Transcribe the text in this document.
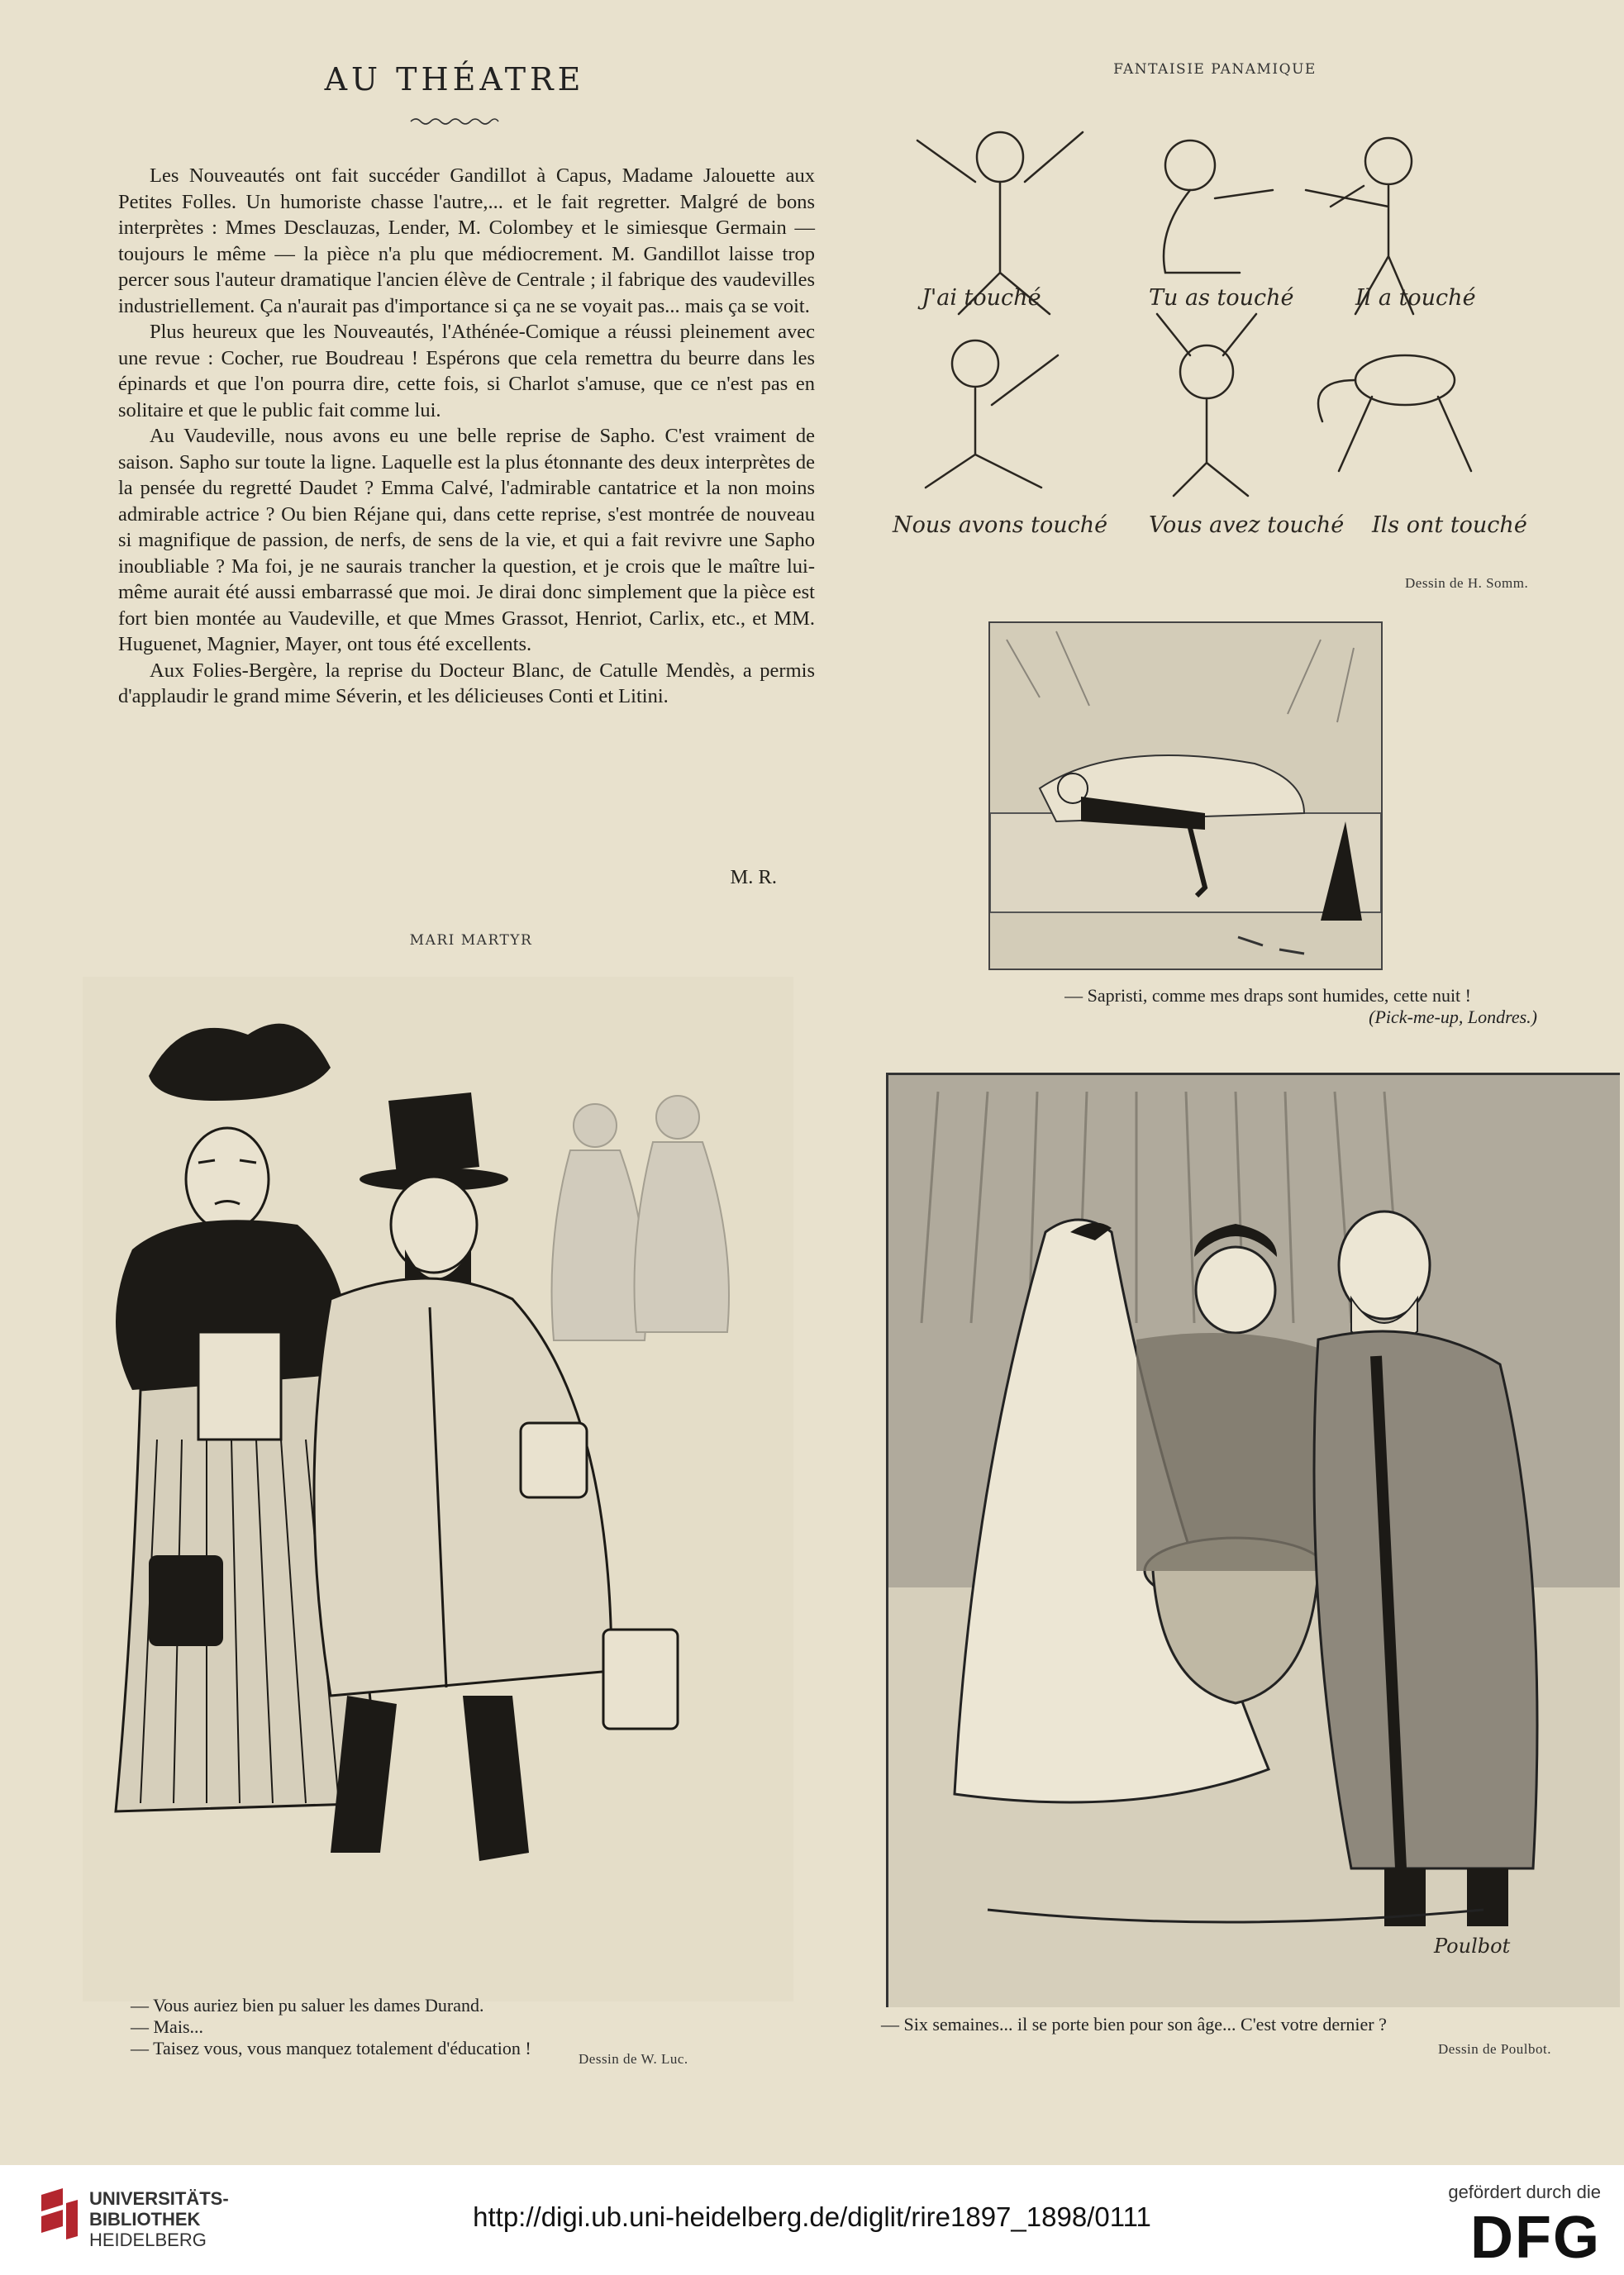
AU THÉATRE

Les Nouveautés ont fait succéder Gandillot à Capus, Madame Jalouette aux Petites Folles. Un humoriste chasse l'autre,... et le fait regretter. Malgré de bons interprètes : Mmes Desclauzas, Lender, M. Colombey et le simiesque Germain — toujours le même — la pièce n'a plu que médiocrement. M. Gandillot laisse trop percer sous l'auteur dramatique l'ancien élève de Centrale ; il fabrique des vaudevilles industriellement. Ça n'aurait pas d'importance si ça ne se voyait pas... mais ça se voit.

Plus heureux que les Nouveautés, l'Athénée-Comique a réussi pleinement avec une revue : Cocher, rue Boudreau ! Espérons que cela remettra du beurre dans les épinards et que l'on pourra dire, cette fois, si Charlot s'amuse, que ce n'est pas en solitaire et que le public fait comme lui.

Au Vaudeville, nous avons eu une belle reprise de Sapho. C'est vraiment de saison. Sapho sur toute la ligne. Laquelle est la plus étonnante des deux interprètes de la pensée du regretté Daudet ? Emma Calvé, l'admirable cantatrice et la non moins admirable actrice ? Ou bien Réjane qui, dans cette reprise, s'est montrée de nouveau si magnifique de passion, de nerfs, de sens de la vie, et qui a fait revivre une Sapho inoubliable ? Ma foi, je ne saurais trancher la question, et je crois que le maître lui-même aurait été aussi embarrassé que moi. Je dirai donc simplement que la pièce est fort bien montée au Vaudeville, et que Mmes Grassot, Henriot, Carlix, etc., et MM. Huguenet, Magnier, Mayer, ont tous été excellents.

Aux Folies-Bergère, la reprise du Docteur Blanc, de Catulle Mendès, a permis d'applaudir le grand mime Séverin, et les délicieuses Conti et Litini.

M. R.
MARI MARTYR
— Vous auriez bien pu saluer les dames Durand.
— Mais...
— Taisez vous, vous manquez totalement d'éducation !
Dessin de W. Luc.
FANTAISIE PANAMIQUE
J'ai touché	Tu as touché	Il a touché
Nous avons touché Vous avez touché Ils ont touché
Dessin de H. Somm.
— Sapristi, comme mes draps sont humides, cette nuit !
(Pick-me-up, Londres.)
Poulbot
— Six semaines... il se porte bien pour son âge... C'est votre dernier ?
Dessin de Poulbot.
UNIVERSITÄTS-
BIBLIOTHEK
HEIDELBERG
http://digi.ub.uni-heidelberg.de/diglit/rire1897_1898/0111
gefördert durch die
DFG
